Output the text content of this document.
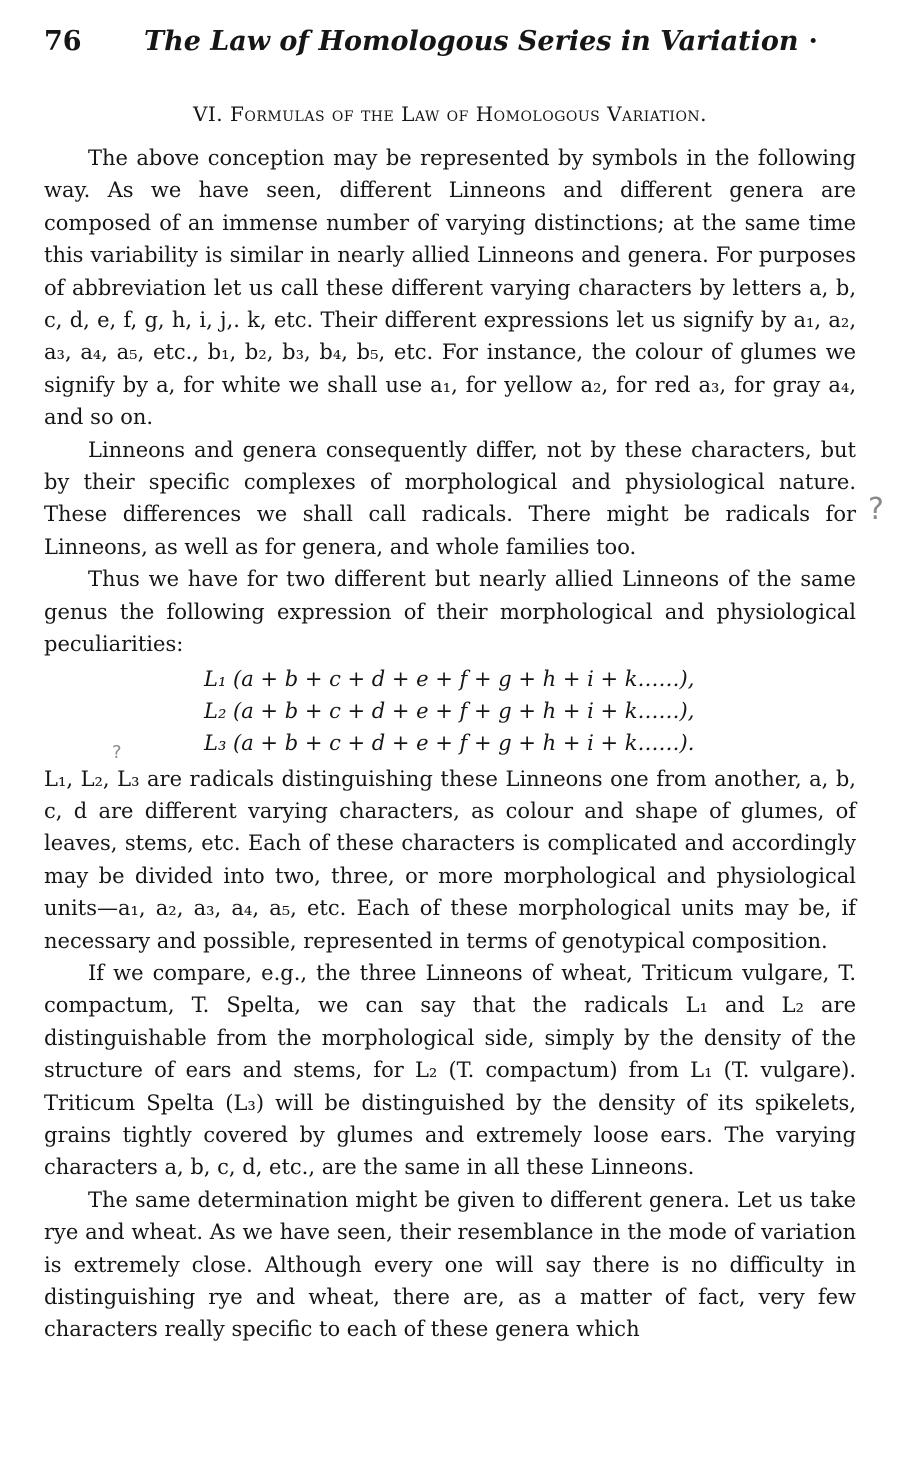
76	The Law of Homologous Series in Variation ·
VI. Formulas of the Law of Homologous Variation.

The above conception may be represented by symbols in the following way. As we have seen, different Linneons and different genera are composed of an immense number of varying distinctions; at the same time this variability is similar in nearly allied Linneons and genera. For purposes of abbreviation let us call these different varying characters by letters a, b, c, d, e, f, g, h, i, j,. k, etc. Their different expressions let us signify by a₁, a₂, a₃, a₄, a₅, etc., b₁, b₂, b₃, b₄, b₅, etc. For instance, the colour of glumes we signify by a, for white we shall use a₁, for yellow a₂, for red a₃, for gray a₄, and so on.

Linneons and genera consequently differ, not by these characters, but by their specific complexes of morphological and physiological nature. These differences we shall call radicals. There might be radicals for Linneons, as well as for genera, and whole families too.

Thus we have for two different but nearly allied Linneons of the same genus the following expression of their morphological and physiological peculiarities:

L₁ (a + b + c + d + e + f + g + h + i + k……),
L₂ (a + b + c + d + e + f + g + h + i + k……),
L₃ (a + b + c + d + e + f + g + h + i + k……).

L₁, L₂, L₃ are radicals distinguishing these Linneons one from another, a, b, c, d are different varying characters, as colour and shape of glumes, of leaves, stems, etc. Each of these characters is complicated and accordingly may be divided into two, three, or more morphological and physiological units—a₁, a₂, a₃, a₄, a₅, etc. Each of these morphological units may be, if necessary and possible, represented in terms of genotypical composition.

If we compare, e.g., the three Linneons of wheat, Triticum vulgare, T. compactum, T. Spelta, we can say that the radicals L₁ and L₂ are distinguishable from the morphological side, simply by the density of the structure of ears and stems, for L₂ (T. compactum) from L₁ (T. vulgare). Triticum Spelta (L₃) will be distinguished by the density of its spikelets, grains tightly covered by glumes and extremely loose ears. The varying characters a, b, c, d, etc., are the same in all these Linneons.

The same determination might be given to different genera. Let us take rye and wheat. As we have seen, their resemblance in the mode of variation is extremely close. Although every one will say there is no difficulty in distinguishing rye and wheat, there are, as a matter of fact, very few characters really specific to each of these genera which

?
?
